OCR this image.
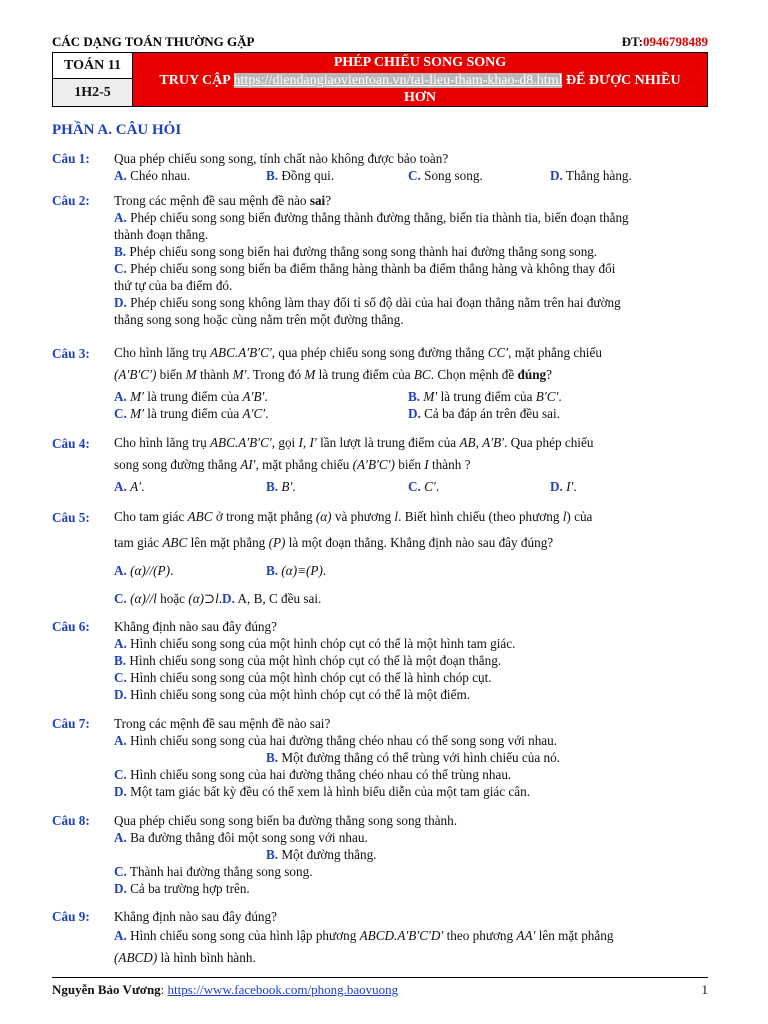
CÁC DẠNG TOÁN THƯỜNG GẶP	ĐT:0946798489
TOÁN 11
1H2-5
PHÉP CHIẾU SONG SONG
TRUY CẬP https://diendangiaovientoan.vn/tai-lieu-tham-khao-d8.html ĐỂ ĐƯỢC NHIỀU
HƠN
PHẦN A. CÂU HỎI
Câu 1: Qua phép chiếu song song, tính chất nào không được bảo toàn?
A. Chéo nhau.	B. Đồng qui.	C. Song song.	D. Thẳng hàng.
Câu 2: Trong các mệnh đề sau mệnh đề nào sai?
A. Phép chiếu song song biến đường thẳng thành đường thẳng, biến tia thành tia, biến đoạn thẳng
thành đoạn thẳng.
B. Phép chiếu song song biến hai đường thẳng song song thành hai đường thẳng song song.
C. Phép chiếu song song biến ba điểm thẳng hàng thành ba điểm thẳng hàng và không thay đổi
thứ tự của ba điểm đó.
D. Phép chiếu song song không làm thay đổi tỉ số độ dài của hai đoạn thẳng nằm trên hai đường
thẳng song song hoặc cùng nằm trên một đường thẳng.
Câu 3: Cho hình lăng trụ ABC.A′B′C′, qua phép chiếu song song đường thẳng CC′, mặt phẳng chiếu
(A′B′C′) biến M thành M′. Trong đó M là trung điểm của BC. Chọn mệnh đề đúng?
A. M′ là trung điểm của A′B′.	B. M′ là trung điểm của B′C′.
C. M′ là trung điểm của A′C′.	D. Cả ba đáp án trên đều sai.
Câu 4: Cho hình lăng trụ ABC.A′B′C′, gọi I, I′ lần lượt là trung điểm của AB, A′B′. Qua phép chiếu
song song đường thẳng AI′, mặt phẳng chiếu (A′B′C′) biến I thành ?
A. A′.	B. B′.	C. C′.	D. I′.
Câu 5: Cho tam giác ABC ở trong mặt phẳng (α) và phương l. Biết hình chiếu (theo phương l) của
tam giác ABC lên mặt phẳng (P) là một đoạn thẳng. Khẳng định nào sau đây đúng?
A. (α)//(P).	B. (α)≡(P).
C. (α)//l hoặc (α)⊃l.D. A, B, C đều sai.
Câu 6: Khẳng định nào sau đây đúng?
A. Hình chiếu song song của một hình chóp cụt có thể là một hình tam giác.
B. Hình chiếu song song của một hình chóp cụt có thể là một đoạn thẳng.
C. Hình chiếu song song của một hình chóp cụt có thể là hình chóp cụt.
D. Hình chiếu song song của một hình chóp cụt có thể là một điểm.
Câu 7: Trong các mệnh đề sau mệnh đề nào sai?
A. Hình chiếu song song của hai đường thẳng chéo nhau có thể song song với nhau.
B. Một đường thẳng có thể trùng với hình chiếu của nó.
C. Hình chiếu song song của hai đường thẳng chéo nhau có thể trùng nhau.
D. Một tam giác bất kỳ đều có thể xem là hình biểu diễn của một tam giác cân.
Câu 8: Qua phép chiếu song song biến ba đường thẳng song song thành.
A. Ba đường thẳng đôi một song song với nhau.
B. Một đường thẳng.
C. Thành hai đường thẳng song song.
D. Cả ba trường hợp trên.
Câu 9: Khẳng định nào sau đây đúng?
A. Hình chiếu song song của hình lập phương ABCD.A′B′C′D′ theo phương AA′ lên mặt phẳng
(ABCD) là hình bình hành.
Nguyễn Bảo Vương: https://www.facebook.com/phong.baovuong	1
